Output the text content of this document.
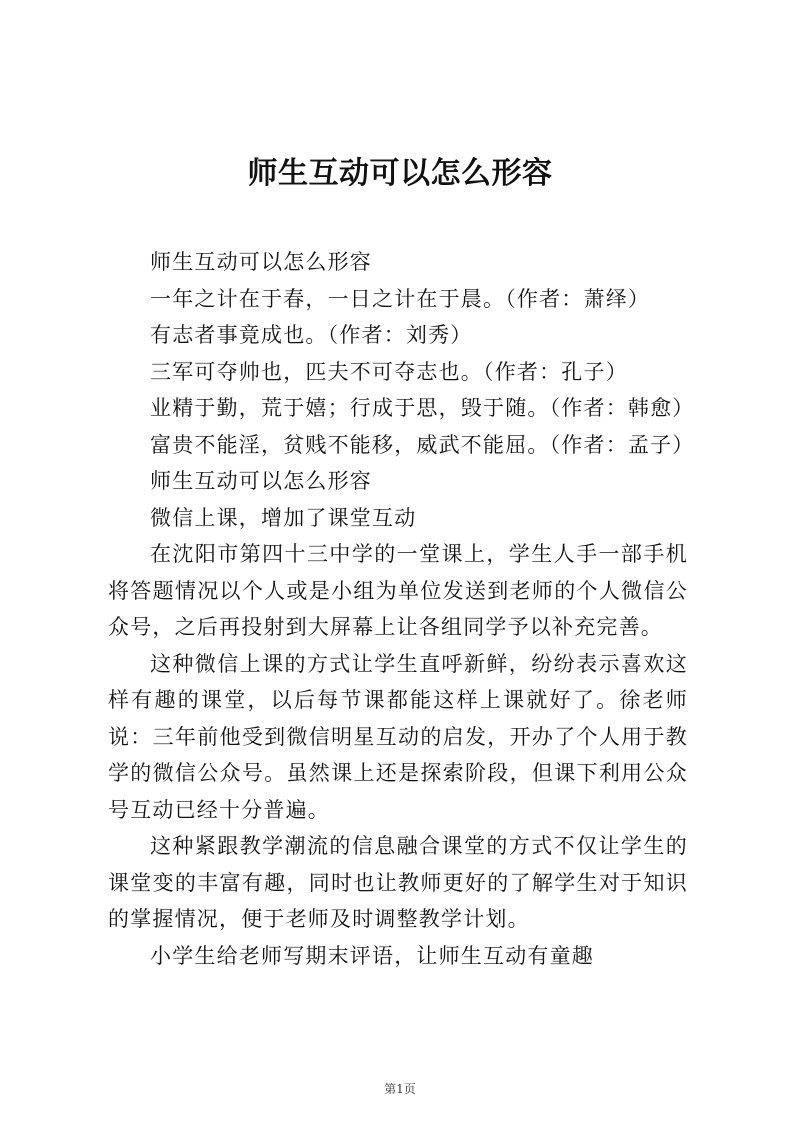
师生互动可以怎么形容

师生互动可以怎么形容

一年之计在于春，一日之计在于晨。（作者：萧绎）

有志者事竟成也。（作者：刘秀）

三军可夺帅也，匹夫不可夺志也。（作者：孔子）

业精于勤，荒于嬉；行成于思，毁于随。（作者：韩愈）

富贵不能淫，贫贱不能移，威武不能屈。（作者：孟子）

师生互动可以怎么形容

微信上课，增加了课堂互动

在沈阳市第四十三中学的一堂课上，学生人手一部手机将答题情况以个人或是小组为单位发送到老师的个人微信公众号，之后再投射到大屏幕上让各组同学予以补充完善。

这种微信上课的方式让学生直呼新鲜，纷纷表示喜欢这样有趣的课堂，以后每节课都能这样上课就好了。徐老师说：三年前他受到微信明星互动的启发，开办了个人用于教学的微信公众号。虽然课上还是探索阶段，但课下利用公众号互动已经十分普遍。

这种紧跟教学潮流的信息融合课堂的方式不仅让学生的课堂变的丰富有趣，同时也让教师更好的了解学生对于知识的掌握情况，便于老师及时调整教学计划。

小学生给老师写期末评语，让师生互动有童趣

第1页
